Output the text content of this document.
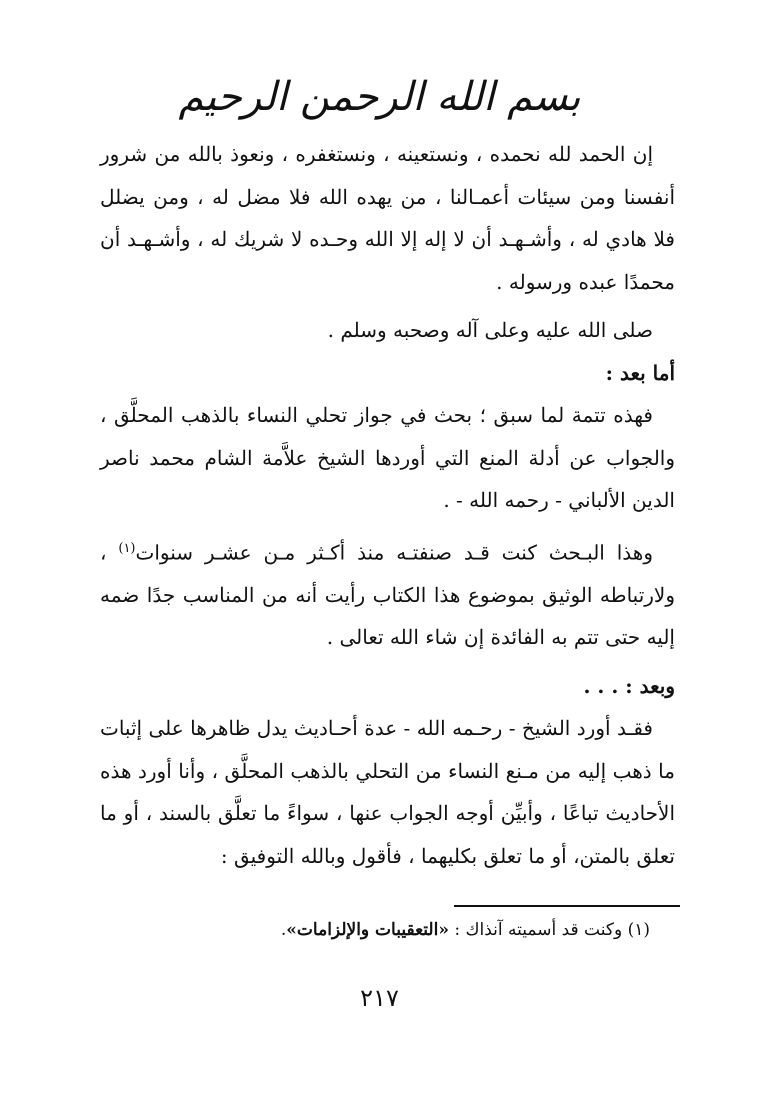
بسم الله الرحمن الرحيم

إن الحمد لله نحمده ، ونستعينه ، ونستغفره ، ونعوذ بالله من شرور أنفسنا ومن سيئات أعمـالنا ، من يهده الله فلا مضل له ، ومن يضلل فلا هادي له ، وأشـهـد أن لا إله إلا الله وحـده لا شريك له ، وأشـهـد أن محمدًا عبده ورسوله .

صلى الله عليه وعلى آله وصحبه وسلم .

أما بعد :

فهذه تتمة لما سبق ؛ بحث في جواز تحلي النساء بالذهب المحلَّق ، والجواب عن أدلة المنع التي أوردها الشيخ علاَّمة الشام محمد ناصر الدين الألباني - رحمه الله - .

وهذا البـحث كنت قـد صنفتـه منذ أكـثر مـن عشـر سنوات$^{(١)}$ ، ولارتباطه الوثيق بموضوع هذا الكتاب رأيت أنه من المناسب جدًا ضمه إليه حتى تتم به الفائدة إن شاء الله تعالى .

وبعد : . . .

فقـد أورد الشيخ - رحـمه الله - عدة أحـاديث يدل ظاهرها على إثبات ما ذهب إليه من مـنع النساء من التحلي بالذهب المحلَّق ، وأنا أورد هذه الأحاديث تباعًا ، وأبيِّن أوجه الجواب عنها ، سواءً ما تعلَّق بالسند ، أو ما تعلق بالمتن، أو ما تعلق بكليهما ، فأقول وبالله التوفيق :

(١) وكنت قد أسميته آنذاك : «التعقيبات والإلزامات».
٢١٧
